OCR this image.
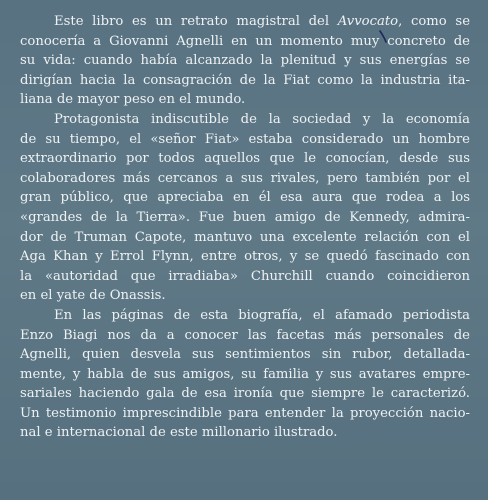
Este libro es un retrato magistral del Avvocato, como se
conocería a Giovanni Agnelli en un momento muy concreto de
su vida: cuando había alcanzado la plenitud y sus energías se
dirigían hacia la consagración de la Fiat como la industria ita-
liana de mayor peso en el mundo.
Protagonista indiscutible de la sociedad y la economía
de su tiempo, el «señor Fiat» estaba considerado un hombre
extraordinario por todos aquellos que le conocían, desde sus
colaboradores más cercanos a sus rivales, pero también por el
gran público, que apreciaba en él esa aura que rodea a los
«grandes de la Tierra». Fue buen amigo de Kennedy, admira-
dor de Truman Capote, mantuvo una excelente relación con el
Aga Khan y Errol Flynn, entre otros, y se quedó fascinado con
la «autoridad que irradiaba» Churchill cuando coincidieron
en el yate de Onassis.
En las páginas de esta biografía, el afamado periodista
Enzo Biagi nos da a conocer las facetas más personales de
Agnelli, quien desvela sus sentimientos sin rubor, detallada-
mente, y habla de sus amigos, su familia y sus avatares empre-
sariales haciendo gala de esa ironía que siempre le caracterizó.
Un testimonio imprescindible para entender la proyección nacio-
nal e internacional de este millonario ilustrado.
